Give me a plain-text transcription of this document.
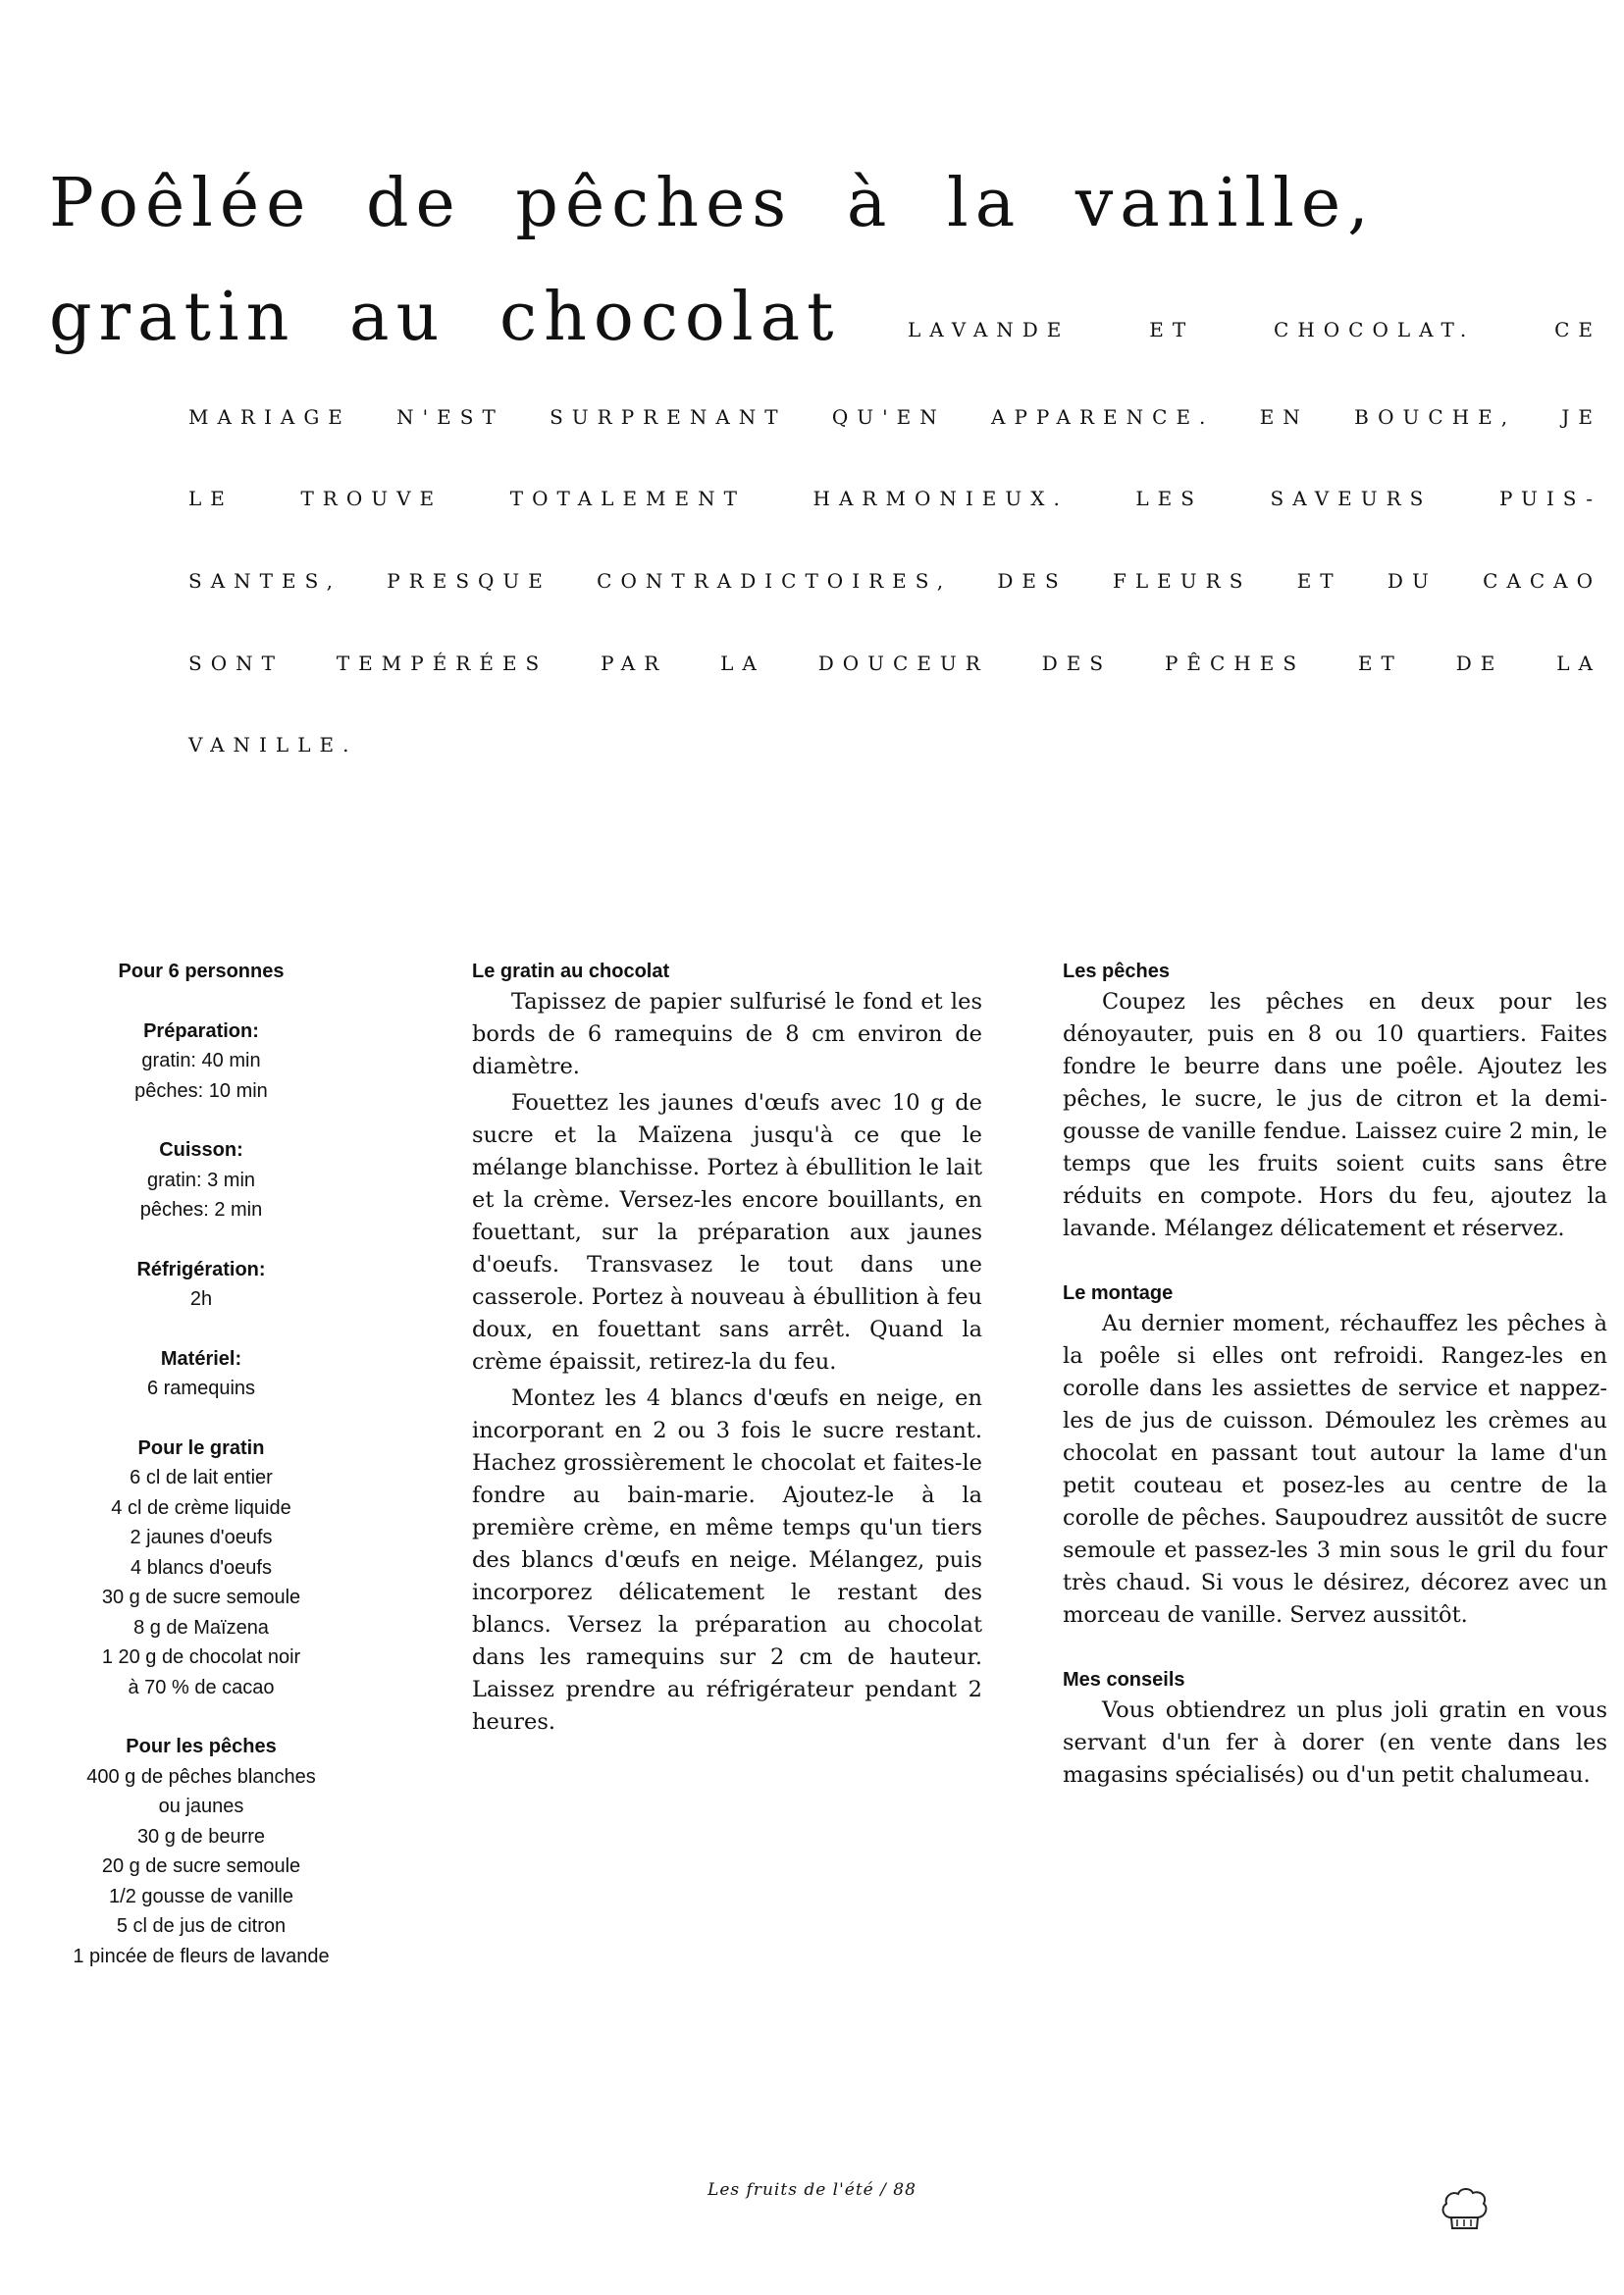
Poêlée de pêches à la vanille,
gratin au chocolat	LAVANDE ET CHOCOLAT. CE
MARIAGE N'EST SURPRENANT QU'EN APPARENCE. EN BOUCHE, JE
LE TROUVE TOTALEMENT HARMONIEUX. LES SAVEURS PUIS-
SANTES, PRESQUE CONTRADICTOIRES, DES FLEURS ET DU CACAO
SONT TEMPÉRÉES PAR LA DOUCEUR DES PÊCHES ET DE LA
VANILLE.
Pour 6 personnes
Préparation:
gratin: 40 min
pêches: 10 min
Cuisson:
gratin: 3 min
pêches: 2 min
Réfrigération:
2h
Matériel:
6 ramequins
Pour le gratin
6 cl de lait entier
4 cl de crème liquide
2 jaunes d'oeufs
4 blancs d'oeufs
30 g de sucre semoule
8 g de Maïzena
1 20 g de chocolat noir
à 70 % de cacao
Pour les pêches
400 g de pêches blanches
ou jaunes
30 g de beurre
20 g de sucre semoule
1/2 gousse de vanille
5 cl de jus de citron
1 pincée de fleurs de lavande
Le gratin au chocolat

Tapissez de papier sulfurisé le fond et les bords de 6 ramequins de 8 cm environ de diamètre.

Fouettez les jaunes d'œufs avec 10 g de sucre et la Maïzena jusqu'à ce que le mélange blanchisse. Portez à ébullition le lait et la crème. Versez-les encore bouillants, en fouettant, sur la préparation aux jaunes d'oeufs. Transvasez le tout dans une casserole. Portez à nouveau à ébullition à feu doux, en fouettant sans arrêt. Quand la crème épaissit, retirez-la du feu.

Montez les 4 blancs d'œufs en neige, en incorporant en 2 ou 3 fois le sucre restant. Hachez grossièrement le chocolat et faites-le fondre au bain-marie. Ajoutez-le à la première crème, en même temps qu'un tiers des blancs d'œufs en neige. Mélangez, puis incorporez délicatement le restant des blancs. Versez la préparation au chocolat dans les ramequins sur 2 cm de hauteur. Laissez prendre au réfrigérateur pendant 2 heures.

Les pêches

Coupez les pêches en deux pour les dénoyauter, puis en 8 ou 10 quartiers. Faites fondre le beurre dans une poêle. Ajoutez les pêches, le sucre, le jus de citron et la demi-gousse de vanille fendue. Laissez cuire 2 min, le temps que les fruits soient cuits sans être réduits en compote. Hors du feu, ajoutez la lavande. Mélangez délicatement et réservez.

Le montage

Au dernier moment, réchauffez les pêches à la poêle si elles ont refroidi. Rangez-les en corolle dans les assiettes de service et nappez-les de jus de cuisson. Démoulez les crèmes au chocolat en passant tout autour la lame d'un petit couteau et posez-les au centre de la corolle de pêches. Saupoudrez aussitôt de sucre semoule et passez-les 3 min sous le gril du four très chaud. Si vous le désirez, décorez avec un morceau de vanille. Servez aussitôt.

Mes conseils

Vous obtiendrez un plus joli gratin en vous servant d'un fer à dorer (en vente dans les magasins spécialisés) ou d'un petit chalumeau.

Les fruits de l'été / 88
